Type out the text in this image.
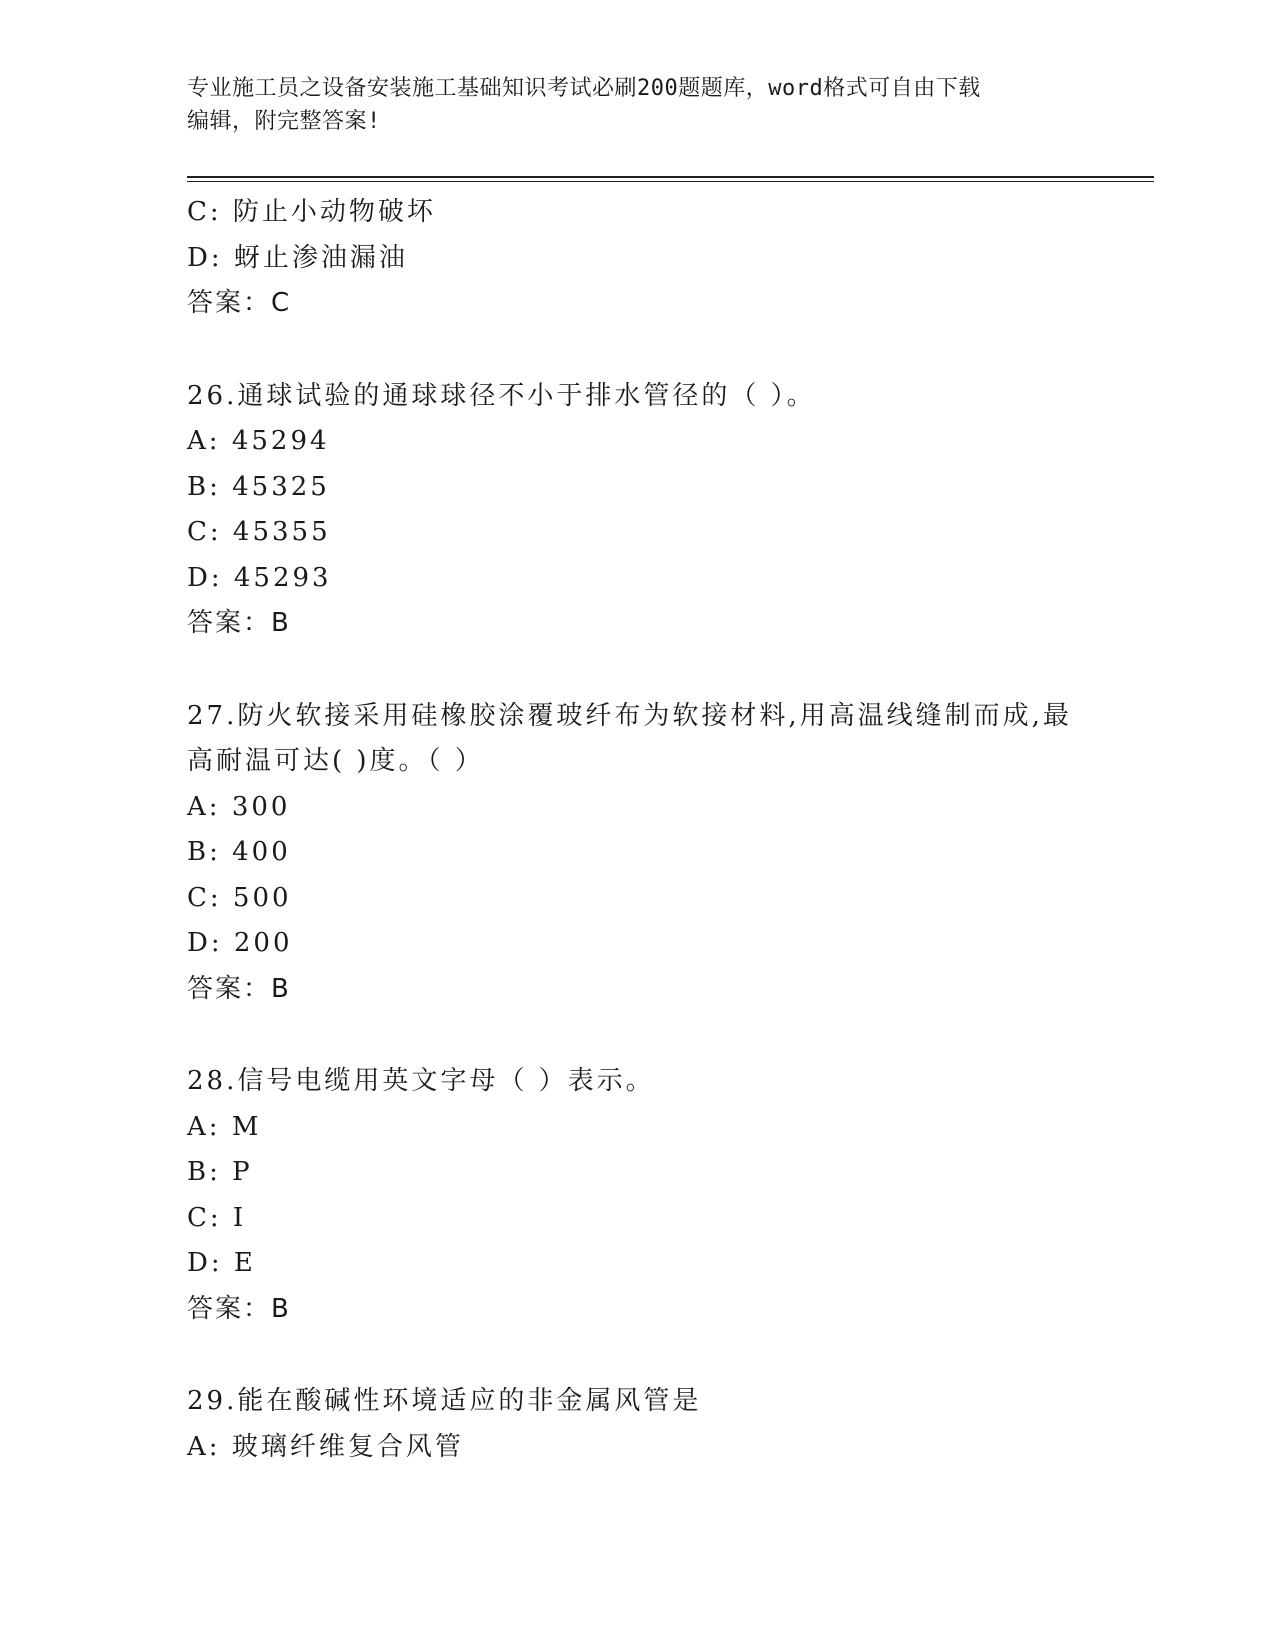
专业施工员之设备安装施工基础知识考试必刷200题题库，word格式可自由下载
编辑，附完整答案!
C: 防止小动物破坏
D: 蚜止渗油漏油
答案：C
26.通球试验的通球球径不小于排水管径的（ ）。
A: 45294
B: 45325
C: 45355
D: 45293
答案：B
27.防火软接采用硅橡胶涂覆玻纤布为软接材料,用高温线缝制而成,最
高耐温可达( )度。（ ）
A: 300
B: 400
C: 500
D: 200
答案：B
28.信号电缆用英文字母（ ）表示。
A: M
B: P
C: I
D: E
答案：B
29.能在酸碱性环境适应的非金属风管是
A: 玻璃纤维复合风管
